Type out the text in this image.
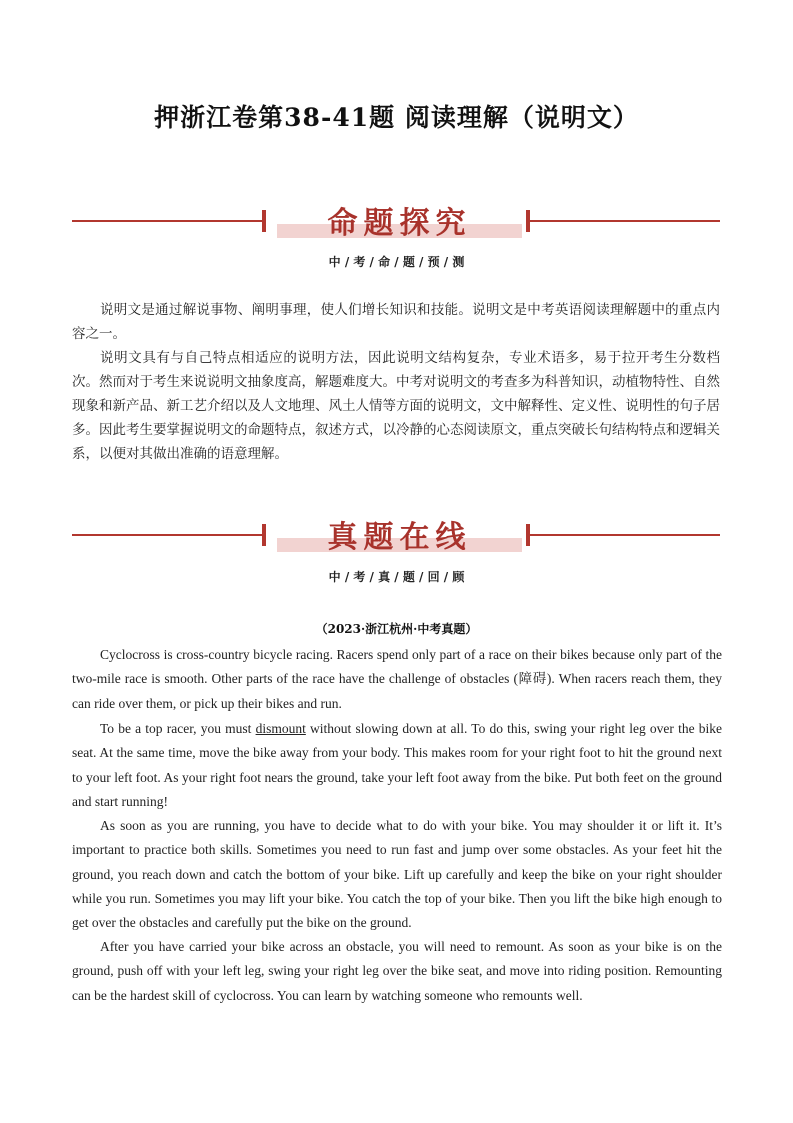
押浙江卷第38-41题 阅读理解（说明文）
命题探究
中 / 考 / 命 / 题 / 预 / 测

说明文是通过解说事物、阐明事理，使人们增长知识和技能。说明文是中考英语阅读理解题中的重点内容之一。

说明文具有与自己特点相适应的说明方法，因此说明文结构复杂，专业术语多，易于拉开考生分数档次。然而对于考生来说说明文抽象度高，解题难度大。中考对说明文的考查多为科普知识，动植物特性、自然现象和新产品、新工艺介绍以及人文地理、风土人情等方面的说明文，文中解释性、定义性、说明性的句子居多。因此考生要掌握说明文的命题特点，叙述方式，以冷静的心态阅读原文，重点突破长句结构特点和逻辑关系，以便对其做出准确的语意理解。

真题在线
中 / 考 / 真 / 题 / 回 / 顾
（2023·浙江杭州·中考真题）

Cyclocross is cross-country bicycle racing. Racers spend only part of a race on their bikes because only part of the two-mile race is smooth. Other parts of the race have the challenge of obstacles (障碍). When racers reach them, they can ride over them, or pick up their bikes and run.

To be a top racer, you must dismount without slowing down at all. To do this, swing your right leg over the bike seat. At the same time, move the bike away from your body. This makes room for your right foot to hit the ground next to your left foot. As your right foot nears the ground, take your left foot away from the bike. Put both feet on the ground and start running!

As soon as you are running, you have to decide what to do with your bike. You may shoulder it or lift it. It’s important to practice both skills. Sometimes you need to run fast and jump over some obstacles. As your feet hit the ground, you reach down and catch the bottom of your bike. Lift up carefully and keep the bike on your right shoulder while you run. Sometimes you may lift your bike. You catch the top of your bike. Then you lift the bike high enough to get over the obstacles and carefully put the bike on the ground.

After you have carried your bike across an obstacle, you will need to remount. As soon as your bike is on the ground, push off with your left leg, swing your right leg over the bike seat, and move into riding position. Remounting can be the hardest skill of cyclocross. You can learn by watching someone who remounts well.
